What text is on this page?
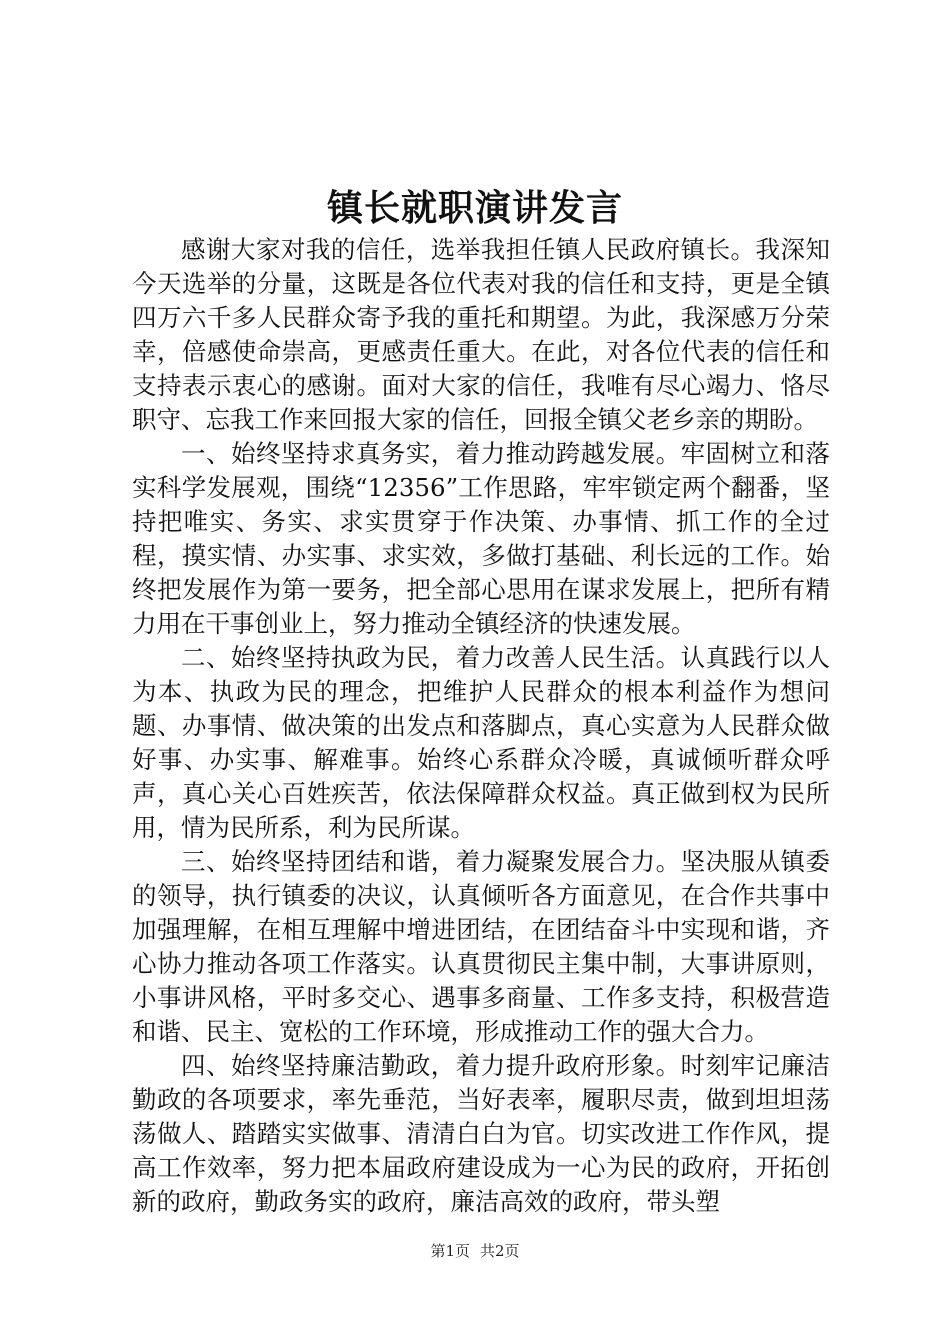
镇长就职演讲发言

感谢大家对我的信任，选举我担任镇人民政府镇长。我深知今天选举的分量，这既是各位代表对我的信任和支持，更是全镇四万六千多人民群众寄予我的重托和期望。为此，我深感万分荣幸，倍感使命崇高，更感责任重大。在此，对各位代表的信任和支持表示衷心的感谢。面对大家的信任，我唯有尽心竭力、恪尽职守、忘我工作来回报大家的信任，回报全镇父老乡亲的期盼。

一、始终坚持求真务实，着力推动跨越发展。牢固树立和落实科学发展观，围绕“12356”工作思路，牢牢锁定两个翻番，坚持把唯实、务实、求实贯穿于作决策、办事情、抓工作的全过程，摸实情、办实事、求实效，多做打基础、利长远的工作。始终把发展作为第一要务，把全部心思用在谋求发展上，把所有精力用在干事创业上，努力推动全镇经济的快速发展。

二、始终坚持执政为民，着力改善人民生活。认真践行以人为本、执政为民的理念，把维护人民群众的根本利益作为想问题、办事情、做决策的出发点和落脚点，真心实意为人民群众做好事、办实事、解难事。始终心系群众冷暖，真诚倾听群众呼声，真心关心百姓疾苦，依法保障群众权益。真正做到权为民所用，情为民所系，利为民所谋。

三、始终坚持团结和谐，着力凝聚发展合力。坚决服从镇委的领导，执行镇委的决议，认真倾听各方面意见，在合作共事中加强理解，在相互理解中增进团结，在团结奋斗中实现和谐，齐心协力推动各项工作落实。认真贯彻民主集中制，大事讲原则，小事讲风格，平时多交心、遇事多商量、工作多支持，积极营造和谐、民主、宽松的工作环境，形成推动工作的强大合力。

四、始终坚持廉洁勤政，着力提升政府形象。时刻牢记廉洁勤政的各项要求，率先垂范，当好表率，履职尽责，做到坦坦荡荡做人、踏踏实实做事、清清白白为官。切实改进工作作风，提高工作效率，努力把本届政府建设成为一心为民的政府，开拓创新的政府，勤政务实的政府，廉洁高效的政府，带头塑

第1页 共2页
